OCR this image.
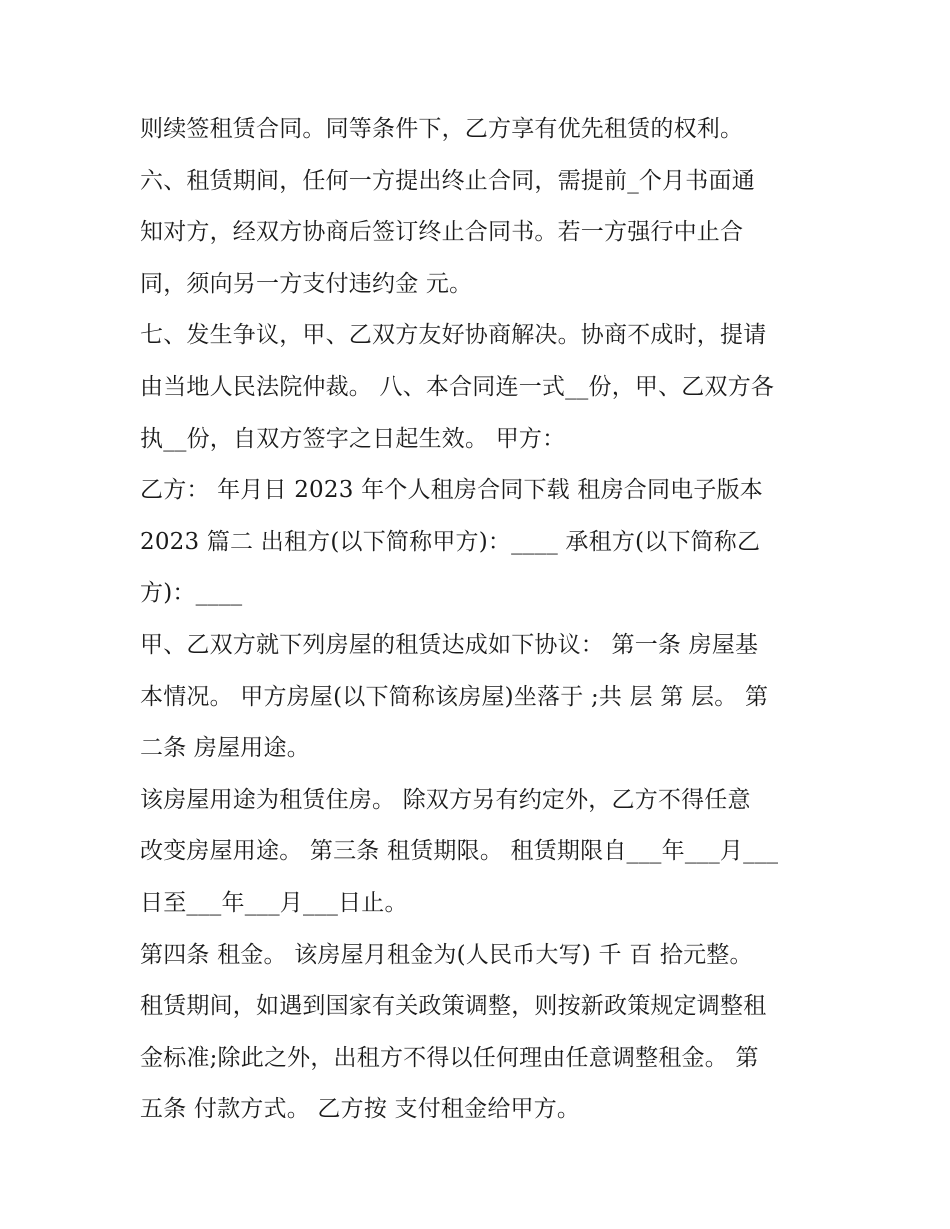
则续签租赁合同。同等条件下，乙方享有优先租赁的权利。
六、租赁期间，任何一方提出终止合同，需提前_个月书面通
知对方，经双方协商后签订终止合同书。若一方强行中止合
同，须向另一方支付违约金 元。
七、发生争议，甲、乙双方友好协商解决。协商不成时，提请
由当地人民法院仲裁。 八、本合同连一式__份，甲、乙双方各
执__份，自双方签字之日起生效。 甲方：
乙方： 年月日 2023 年个人租房合同下载 租房合同电子版本
2023 篇二 出租方(以下简称甲方)：____ 承租方(以下简称乙
方)：____
甲、乙双方就下列房屋的租赁达成如下协议： 第一条 房屋基
本情况。 甲方房屋(以下简称该房屋)坐落于 ;共 层 第 层。 第
二条 房屋用途。
该房屋用途为租赁住房。 除双方另有约定外，乙方不得任意
改变房屋用途。 第三条 租赁期限。 租赁期限自___年___月___
日至___年___月___日止。
第四条 租金。 该房屋月租金为(人民币大写) 千 百 拾元整。
租赁期间，如遇到国家有关政策调整，则按新政策规定调整租
金标准;除此之外，出租方不得以任何理由任意调整租金。 第
五条 付款方式。 乙方按 支付租金给甲方。
